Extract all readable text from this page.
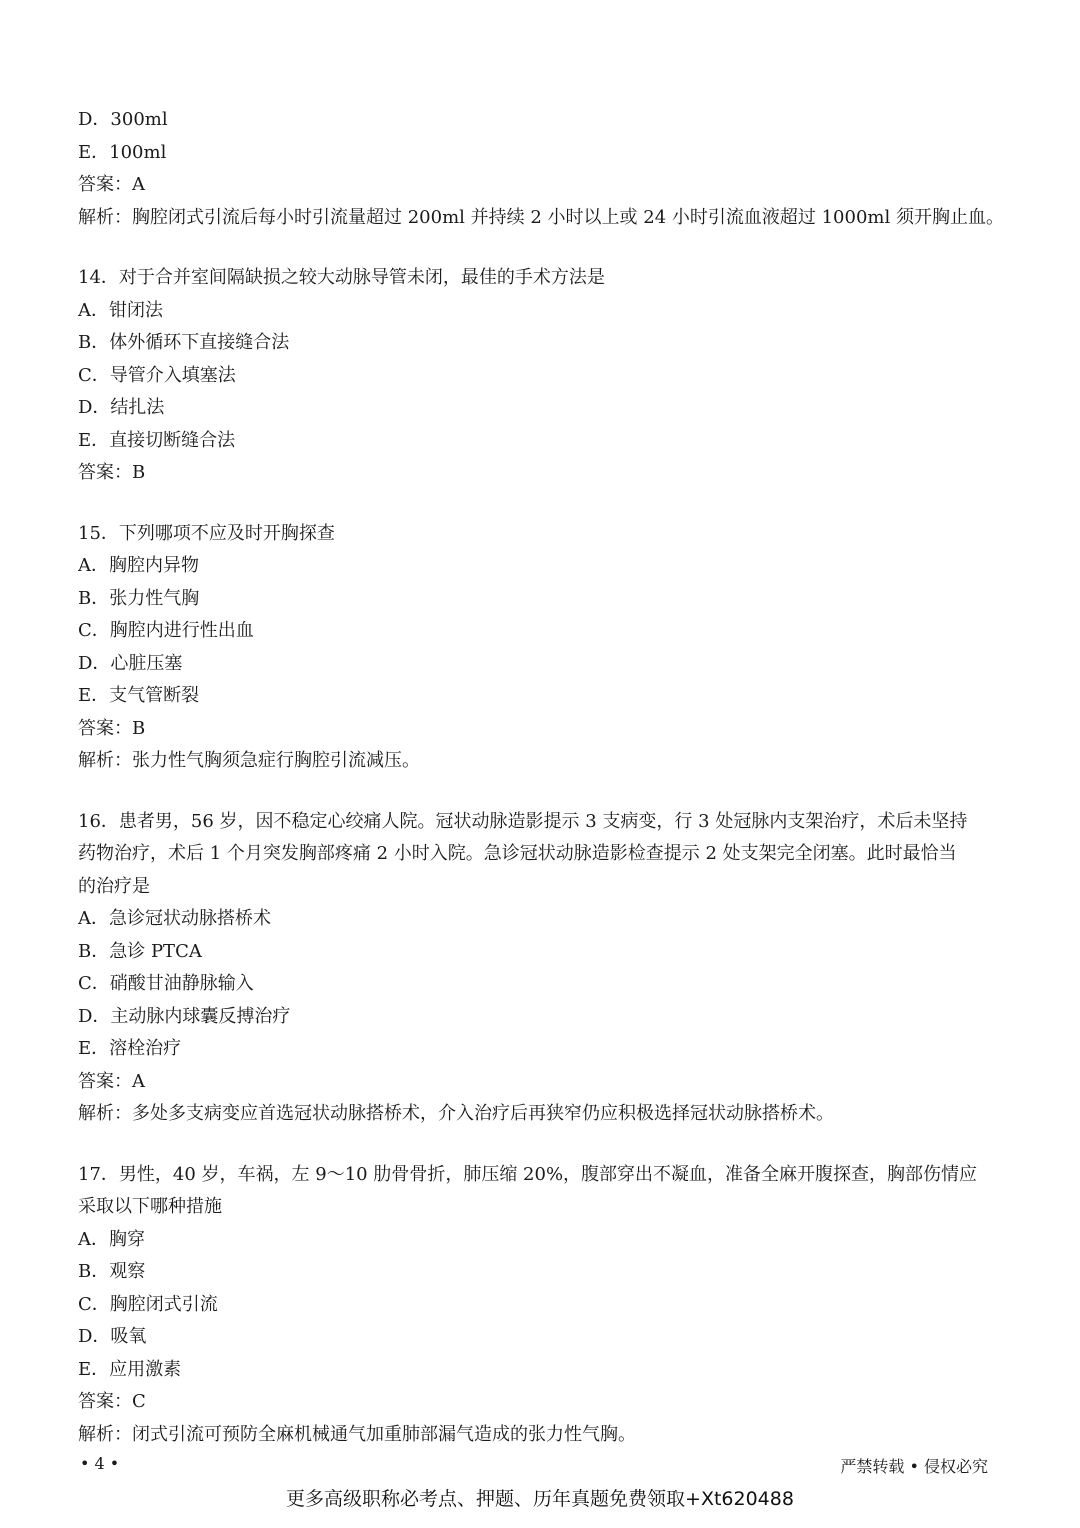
D．300ml
E．100ml
答案：A
解析：胸腔闭式引流后每小时引流量超过 200ml 并持续 2 小时以上或 24 小时引流血液超过 1000ml 须开胸止血。
14．对于合并室间隔缺损之较大动脉导管未闭，最佳的手术方法是
A．钳闭法
B．体外循环下直接缝合法
C．导管介入填塞法
D．结扎法
E．直接切断缝合法
答案：B
15．下列哪项不应及时开胸探查
A．胸腔内异物
B．张力性气胸
C．胸腔内进行性出血
D．心脏压塞
E．支气管断裂
答案：B
解析：张力性气胸须急症行胸腔引流减压。
16．患者男，56 岁，因不稳定心绞痛人院。冠状动脉造影提示 3 支病变，行 3 处冠脉内支架治疗，术后未坚持
药物治疗，术后 1 个月突发胸部疼痛 2 小时入院。急诊冠状动脉造影检查提示 2 处支架完全闭塞。此时最恰当
的治疗是
A．急诊冠状动脉搭桥术
B．急诊 PTCA
C．硝酸甘油静脉输入
D．主动脉内球囊反搏治疗
E．溶栓治疗
答案：A
解析：多处多支病变应首选冠状动脉搭桥术，介入治疗后再狭窄仍应积极选择冠状动脉搭桥术。
17．男性，40 岁，车祸，左 9～10 肋骨骨折，肺压缩 20%，腹部穿出不凝血，准备全麻开腹探查，胸部伤情应
采取以下哪种措施
A．胸穿
B．观察
C．胸腔闭式引流
D．吸氧
E．应用激素
答案：C
解析：闭式引流可预防全麻机械通气加重肺部漏气造成的张力性气胸。
• 4 •	严禁转载 • 侵权必究
更多高级职称必考点、押题、历年真题免费领取+Xt620488
